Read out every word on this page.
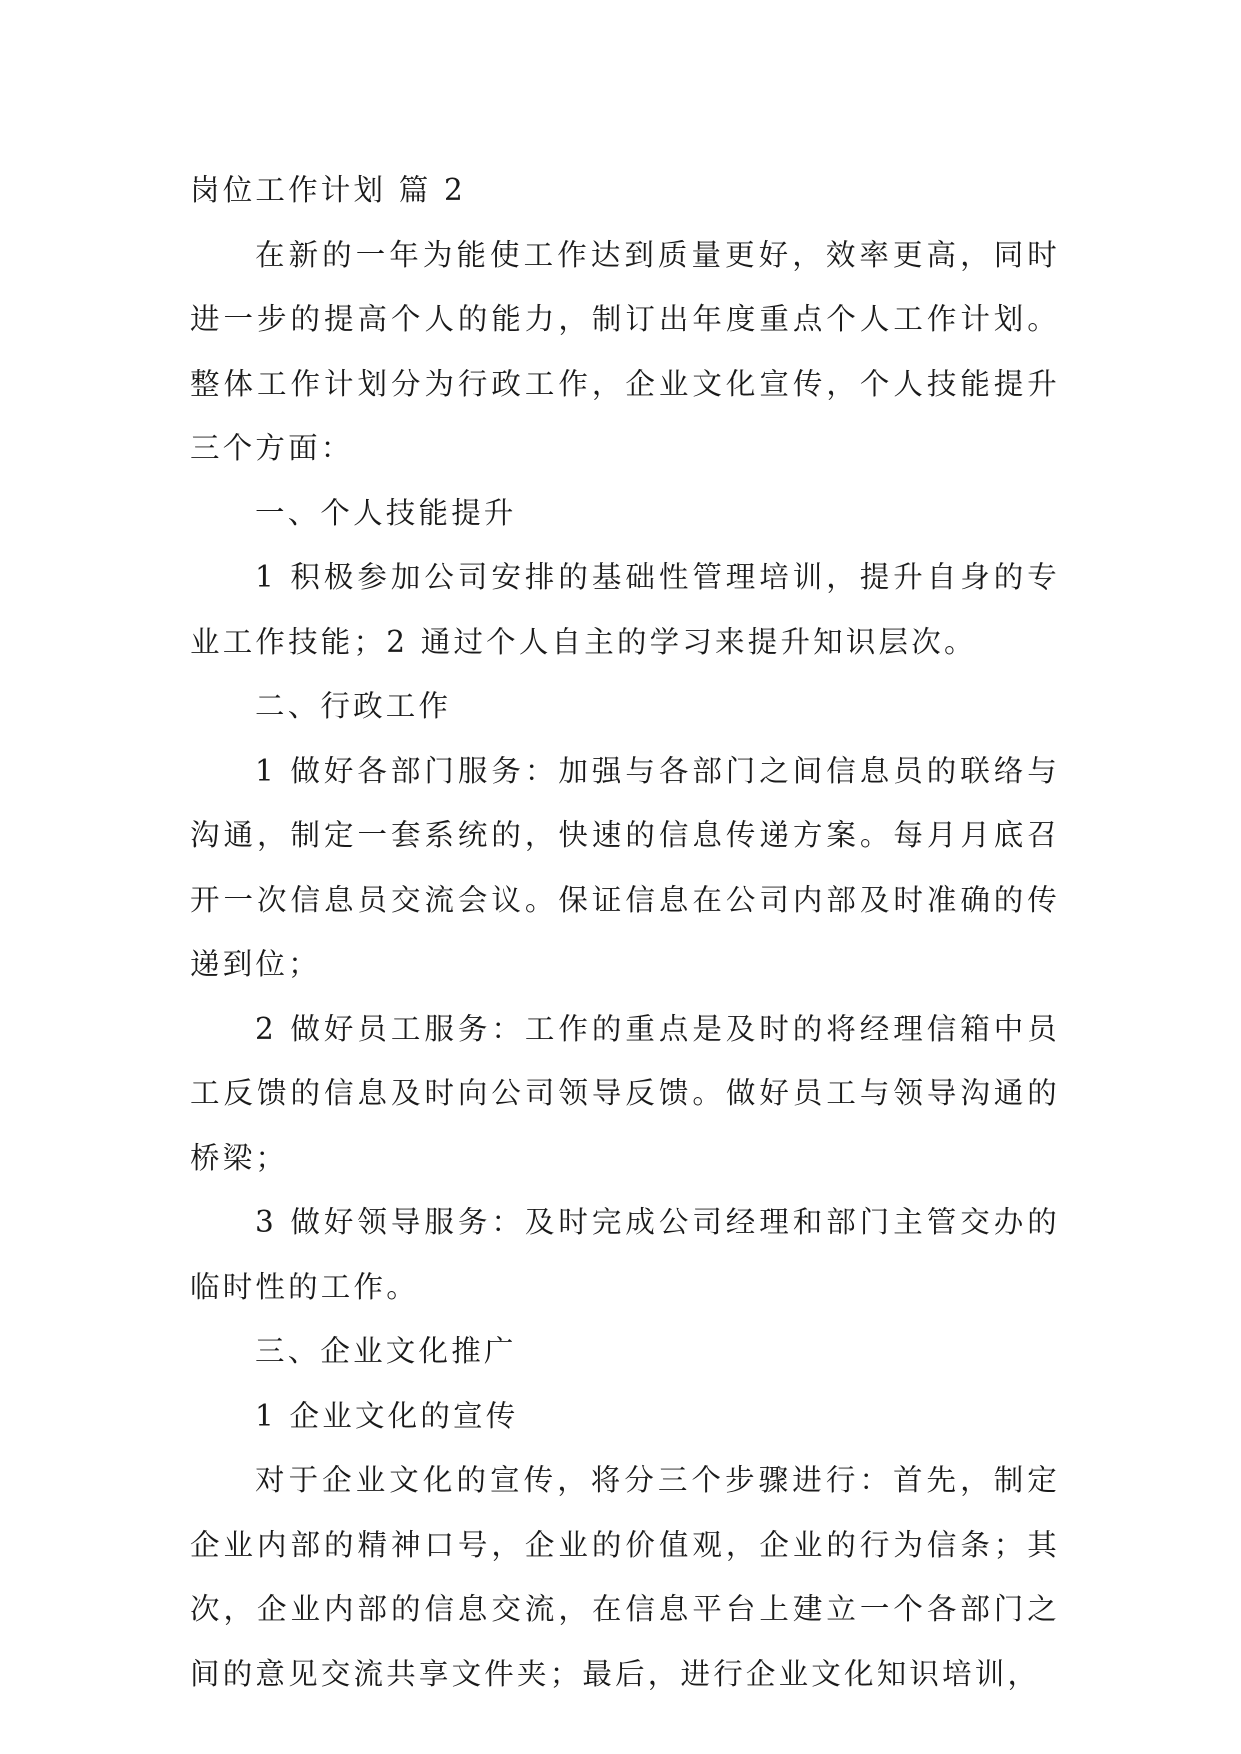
岗位工作计划 篇 2

在新的一年为能使工作达到质量更好，效率更高，同时进一步的提高个人的能力，制订出年度重点个人工作计划。整体工作计划分为行政工作，企业文化宣传，个人技能提升三个方面：

一、个人技能提升

1 积极参加公司安排的基础性管理培训，提升自身的专业工作技能；2 通过个人自主的学习来提升知识层次。

二、行政工作

1 做好各部门服务：加强与各部门之间信息员的联络与沟通，制定一套系统的，快速的信息传递方案。每月月底召开一次信息员交流会议。保证信息在公司内部及时准确的传递到位；

2 做好员工服务：工作的重点是及时的将经理信箱中员工反馈的信息及时向公司领导反馈。做好员工与领导沟通的桥梁；

3 做好领导服务：及时完成公司经理和部门主管交办的临时性的工作。

三、企业文化推广

1 企业文化的宣传

对于企业文化的宣传，将分三个步骤进行：首先，制定企业内部的精神口号，企业的价值观，企业的行为信条；其次，企业内部的信息交流，在信息平台上建立一个各部门之间的意见交流共享文件夹；最后，进行企业文化知识培训，
